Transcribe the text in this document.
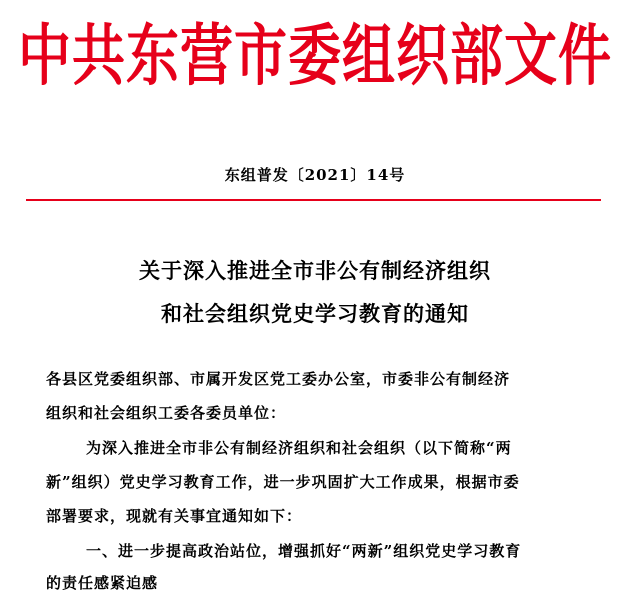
中共东营市委组织部文件
东组普发〔2021〕14号
关于深入推进全市非公有制经济组织
和社会组织党史学习教育的通知
各县区党委组织部、市属开发区党工委办公室，市委非公有制经济
组织和社会组织工委各委员单位：
为深入推进全市非公有制经济组织和社会组织（以下简称“两
新”组织）党史学习教育工作，进一步巩固扩大工作成果，根据市委
部署要求，现就有关事宜通知如下：
一、进一步提高政治站位，增强抓好“两新”组织党史学习教育
的责任感紧迫感
